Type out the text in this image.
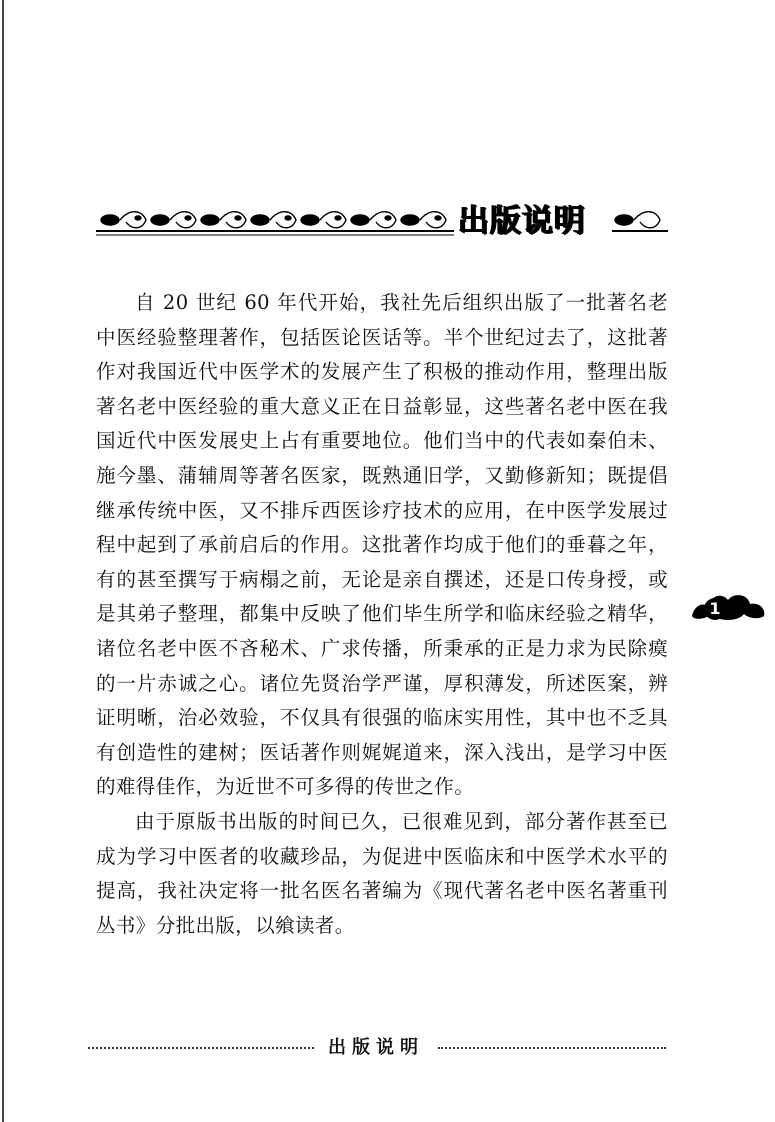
出版说明

自 20 世纪 60 年代开始，我社先后组织出版了一批著名老中医经验整理著作，包括医论医话等。半个世纪过去了，这批著作对我国近代中医学术的发展产生了积极的推动作用，整理出版著名老中医经验的重大意义正在日益彰显，这些著名老中医在我国近代中医发展史上占有重要地位。他们当中的代表如秦伯未、施今墨、蒲辅周等著名医家，既熟通旧学，又勤修新知；既提倡继承传统中医，又不排斥西医诊疗技术的应用，在中医学发展过程中起到了承前启后的作用。这批著作均成于他们的垂暮之年，有的甚至撰写于病榻之前，无论是亲自撰述，还是口传身授，或是其弟子整理，都集中反映了他们毕生所学和临床经验之精华，诸位名老中医不吝秘术、广求传播，所秉承的正是力求为民除瘼的一片赤诚之心。诸位先贤治学严谨，厚积薄发，所述医案，辨证明晰，治必效验，不仅具有很强的临床实用性，其中也不乏具有创造性的建树；医话著作则娓娓道来，深入浅出，是学习中医的难得佳作，为近世不可多得的传世之作。

由于原版书出版的时间已久，已很难见到，部分著作甚至已成为学习中医者的收藏珍品，为促进中医临床和中医学术水平的提高，我社决定将一批名医名著编为《现代著名老中医名著重刊丛书》分批出版，以飨读者。

1
出版说明
